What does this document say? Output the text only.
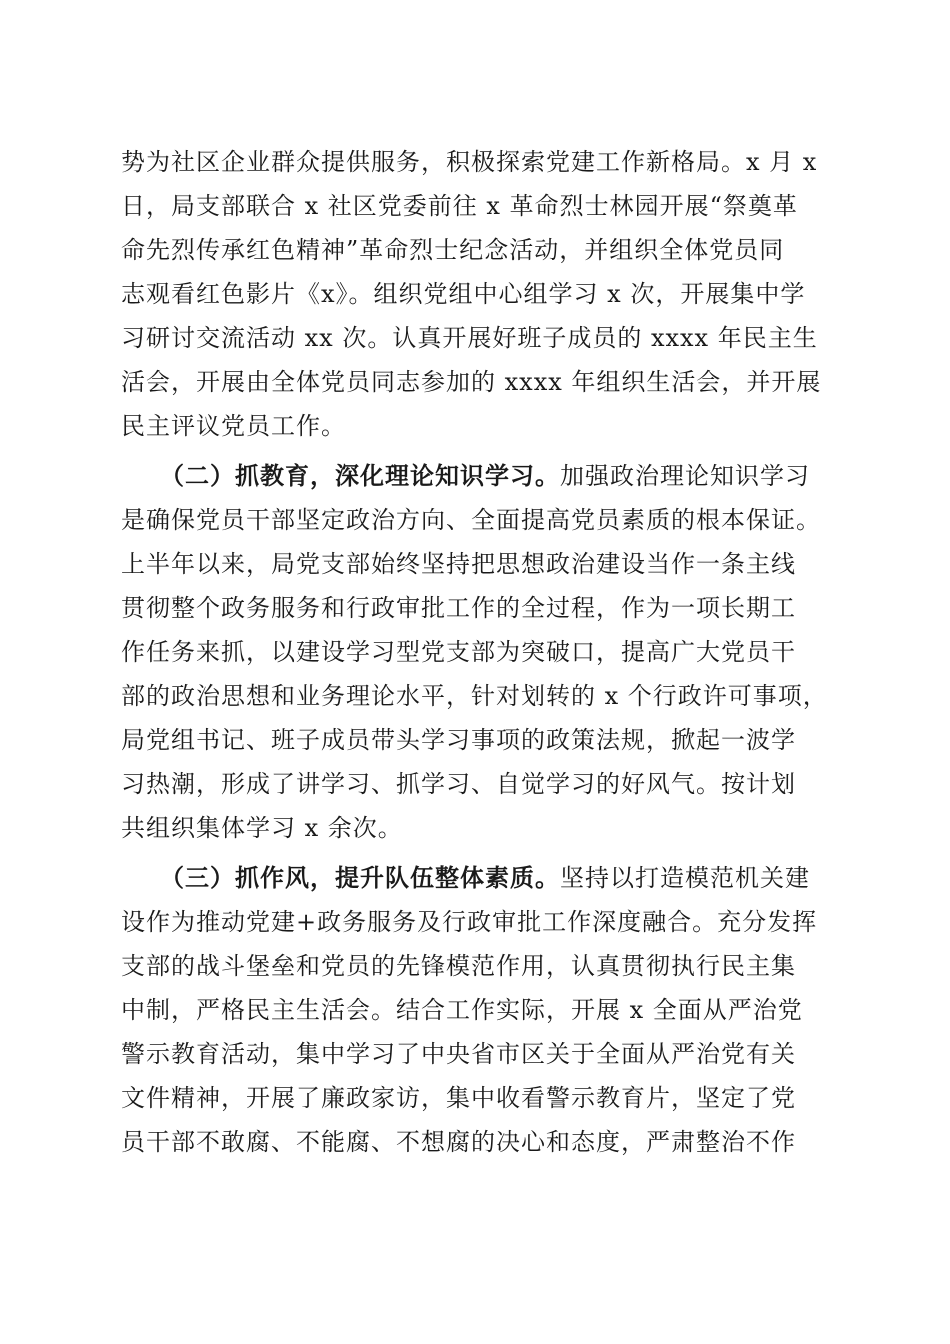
势为社区企业群众提供服务，积极探索党建工作新格局。x 月 x
日，局支部联合 x 社区党委前往 x 革命烈士林园开展“祭奠革
命先烈传承红色精神”革命烈士纪念活动，并组织全体党员同
志观看红色影片《x》。组织党组中心组学习 x 次，开展集中学
习研讨交流活动 xx 次。认真开展好班子成员的 xxxx 年民主生
活会，开展由全体党员同志参加的 xxxx 年组织生活会，并开展
民主评议党员工作。
（二）抓教育，深化理论知识学习。加强政治理论知识学习
是确保党员干部坚定政治方向、全面提高党员素质的根本保证。
上半年以来，局党支部始终坚持把思想政治建设当作一条主线
贯彻整个政务服务和行政审批工作的全过程，作为一项长期工
作任务来抓，以建设学习型党支部为突破口，提高广大党员干
部的政治思想和业务理论水平，针对划转的 x 个行政许可事项，
局党组书记、班子成员带头学习事项的政策法规，掀起一波学
习热潮，形成了讲学习、抓学习、自觉学习的好风气。按计划
共组织集体学习 x 余次。
（三）抓作风，提升队伍整体素质。坚持以打造模范机关建
设作为推动党建+政务服务及行政审批工作深度融合。充分发挥
支部的战斗堡垒和党员的先锋模范作用，认真贯彻执行民主集
中制，严格民主生活会。结合工作实际，开展 x 全面从严治党
警示教育活动，集中学习了中央省市区关于全面从严治党有关
文件精神，开展了廉政家访，集中收看警示教育片，坚定了党
员干部不敢腐、不能腐、不想腐的决心和态度，严肃整治不作
